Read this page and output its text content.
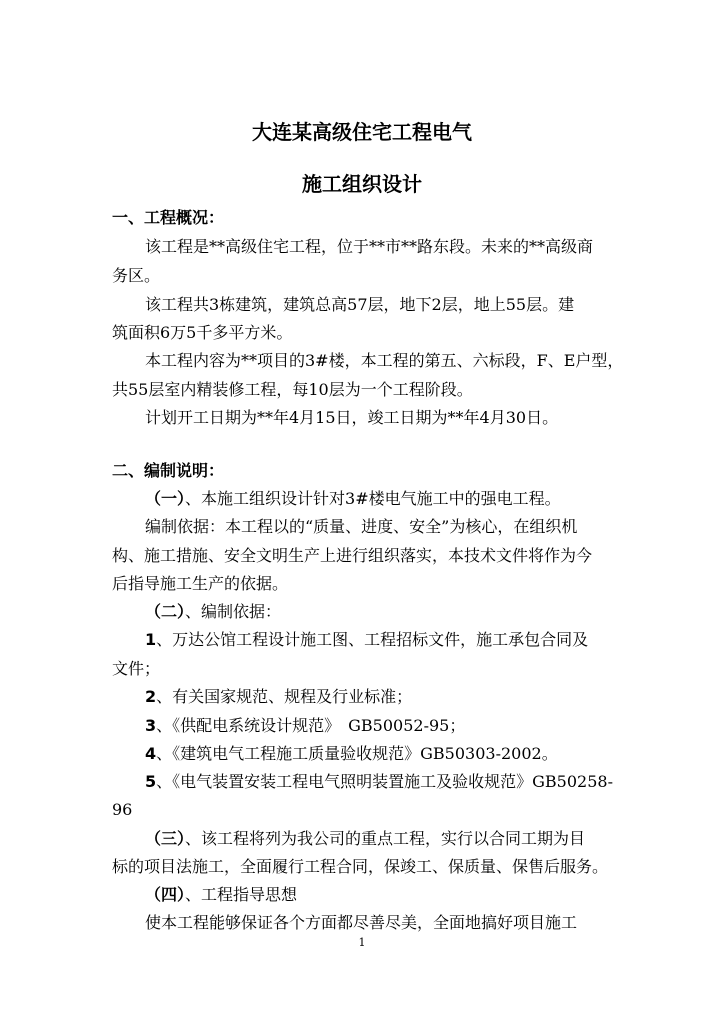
大连某高级住宅工程电气
施工组织设计

一、工程概况：

该工程是**高级住宅工程，位于**市**路东段。未来的**高级商

务区。

该工程共3栋建筑，建筑总高57层，地下2层，地上55层。建

筑面积6万5千多平方米。

本工程内容为**项目的3#楼，本工程的第五、六标段，F、E户型，

共55层室内精装修工程，每10层为一个工程阶段。

计划开工日期为**年4月15日，竣工日期为**年4月30日。

二、编制说明：

（一）、本施工组织设计针对3#楼电气施工中的强电工程。

编制依据：本工程以的“质量、进度、安全”为核心，在组织机

构、施工措施、安全文明生产上进行组织落实，本技术文件将作为今

后指导施工生产的依据。

（二）、编制依据：

1、万达公馆工程设计施工图、工程招标文件，施工承包合同及

文件；

2、有关国家规范、规程及行业标准；

3、《供配电系统设计规范》　GB50052-95；

4、《建筑电气工程施工质量验收规范》GB50303-2002。

5、《电气装置安装工程电气照明装置施工及验收规范》GB50258-

96

（三）、该工程将列为我公司的重点工程，实行以合同工期为目

标的项目法施工，全面履行工程合同，保竣工、保质量、保售后服务。

（四）、工程指导思想

使本工程能够保证各个方面都尽善尽美，全面地搞好项目施工

1
